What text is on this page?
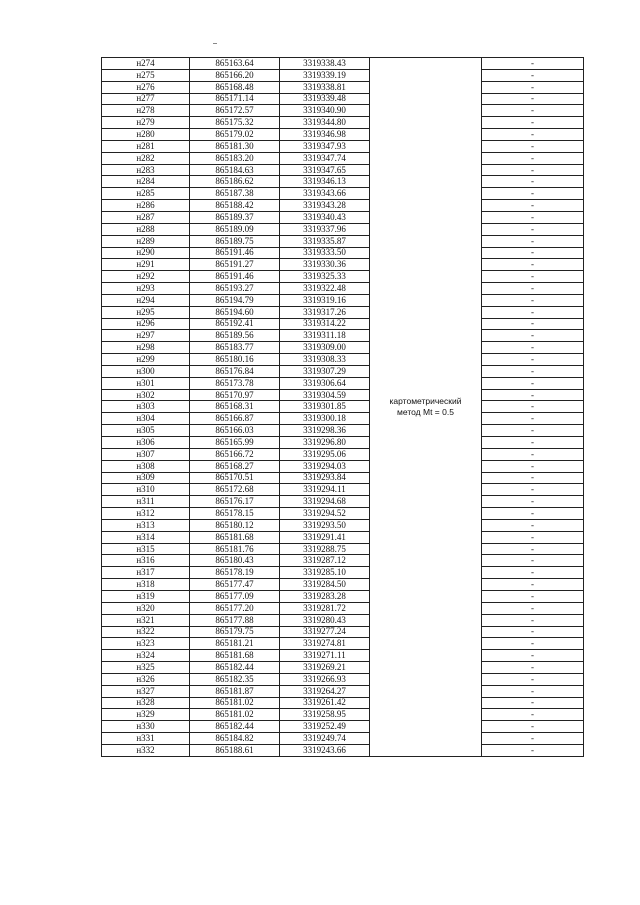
н274	865163.64	3319338.43	картометрический
метод Mt = 0.5	-
н275	865166.20	3319339.19		-
н276	865168.48	3319338.81		-
н277	865171.14	3319339.48		-
н278	865172.57	3319340.90		-
н279	865175.32	3319344.80		-
н280	865179.02	3319346.98		-
н281	865181.30	3319347.93		-
н282	865183.20	3319347.74		-
н283	865184.63	3319347.65		-
н284	865186.62	3319346.13		-
н285	865187.38	3319343.66		-
н286	865188.42	3319343.28		-
н287	865189.37	3319340.43		-
н288	865189.09	3319337.96		-
н289	865189.75	3319335.87		-
н290	865191.46	3319333.50		-
н291	865191.27	3319330.36		-
н292	865191.46	3319325.33		-
н293	865193.27	3319322.48		-
н294	865194.79	3319319.16		-
н295	865194.60	3319317.26		-
н296	865192.41	3319314.22		-
н297	865189.56	3319311.18		-
н298	865183.77	3319309.00		-
н299	865180.16	3319308.33		-
н300	865176.84	3319307.29		-
н301	865173.78	3319306.64		-
н302	865170.97	3319304.59		-
н303	865168.31	3319301.85		-
н304	865166.87	3319300.18		-
н305	865166.03	3319298.36		-
н306	865165.99	3319296.80		-
н307	865166.72	3319295.06		-
н308	865168.27	3319294.03		-
н309	865170.51	3319293.84		-
н310	865172.68	3319294.11		-
н311	865176.17	3319294.68		-
н312	865178.15	3319294.52		-
н313	865180.12	3319293.50		-
н314	865181.68	3319291.41		-
н315	865181.76	3319288.75		-
н316	865180.43	3319287.12		-
н317	865178.19	3319285.10		-
н318	865177.47	3319284.50		-
н319	865177.09	3319283.28		-
н320	865177.20	3319281.72		-
н321	865177.88	3319280.43		-
н322	865179.75	3319277.24		-
н323	865181.21	3319274.81		-
н324	865181.68	3319271.11		-
н325	865182.44	3319269.21		-
н326	865182.35	3319266.93		-
н327	865181.87	3319264.27		-
н328	865181.02	3319261.42		-
н329	865181.02	3319258.95		-
н330	865182.44	3319252.49		-
н331	865184.82	3319249.74		-
н332	865188.61	3319243.66		-
